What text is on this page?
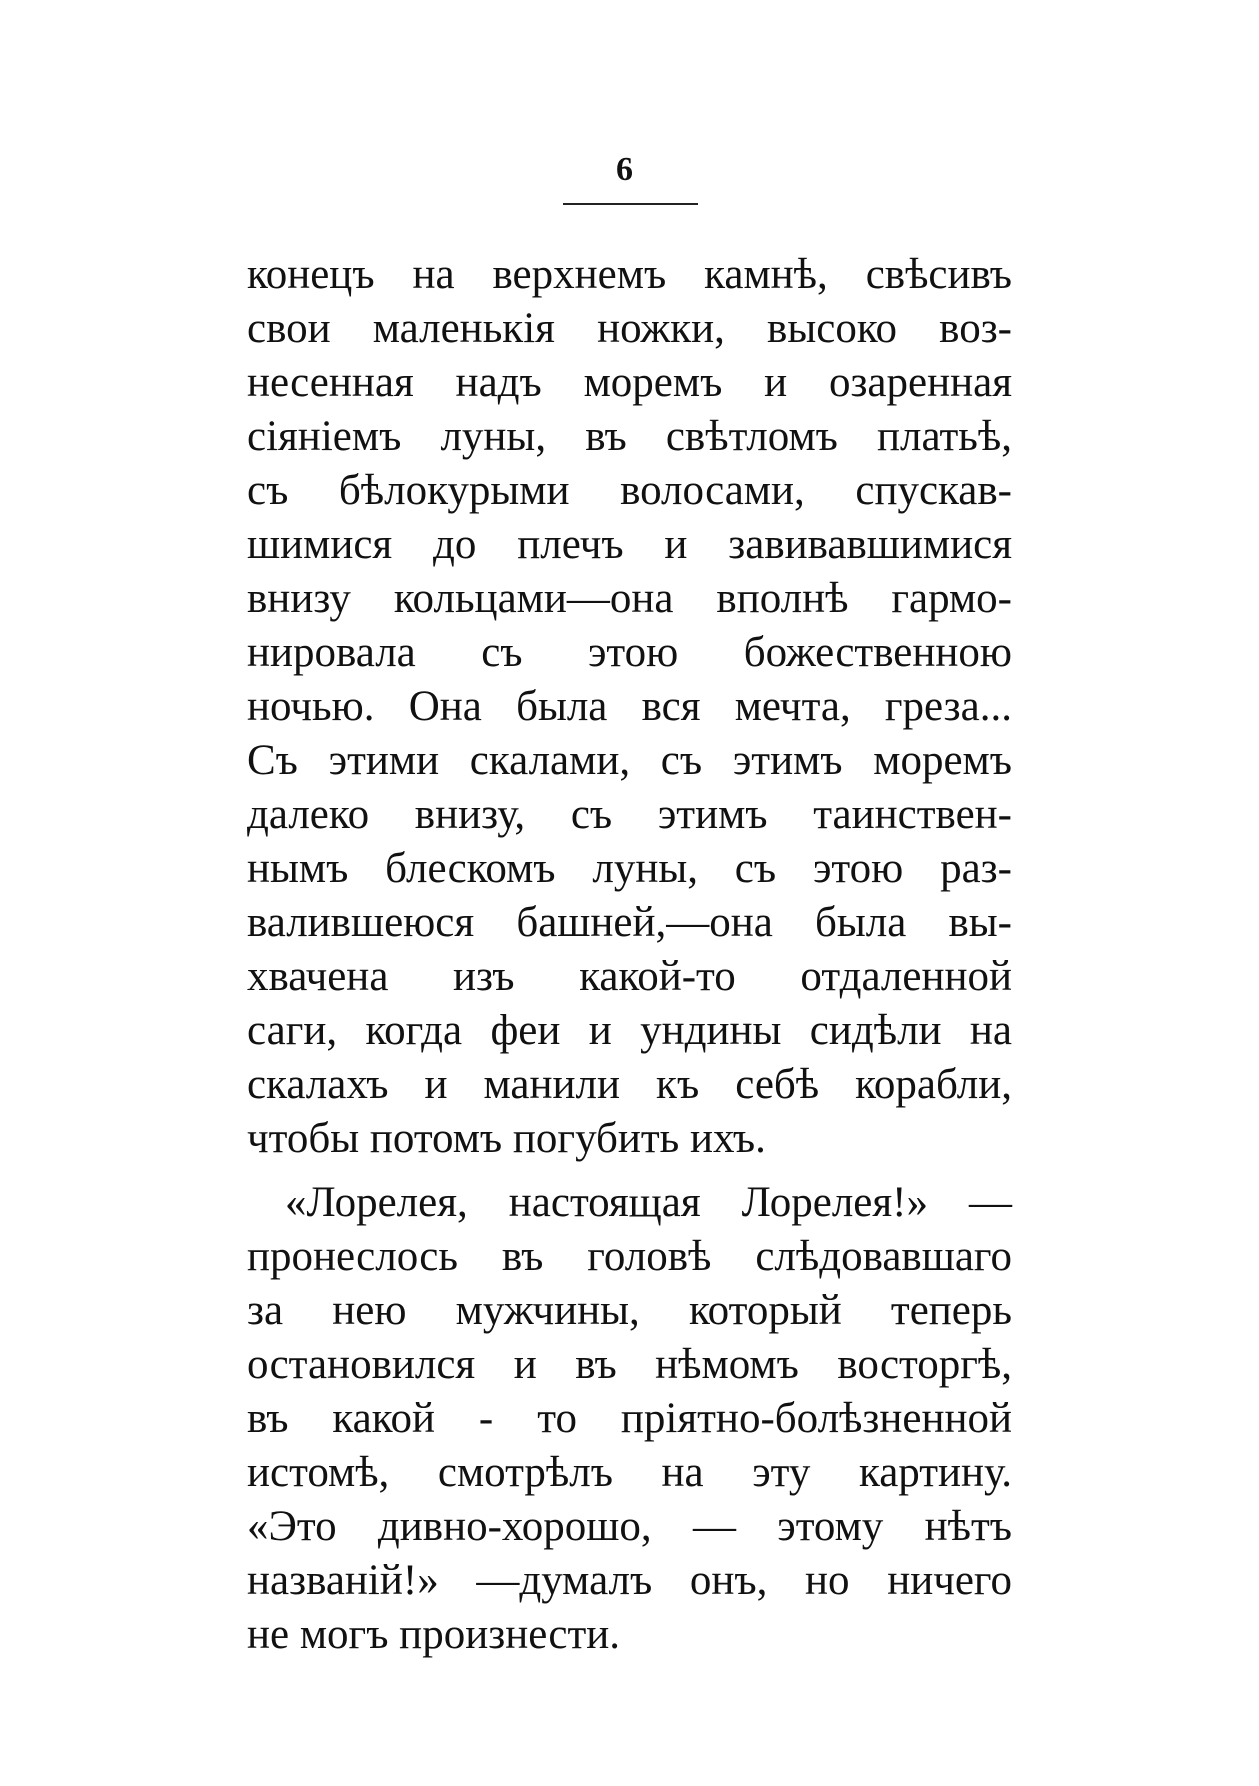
6
конецъ на верхнемъ камнѣ, свѣсивъ
свои маленькія ножки, высоко воз-
несенная надъ моремъ и озаренная
сіяніемъ луны, въ свѣтломъ платьѣ,
съ бѣлокурыми волосами, спускав-
шимися до плечъ и завивавшимися
внизу кольцами—она вполнѣ гармо-
нировала съ этою божественною
ночью. Она была вся мечта, греза...
Съ этими скалами, съ этимъ моремъ
далеко внизу, съ этимъ таинствен-
нымъ блескомъ луны, съ этою раз-
валившеюся башней,—она была вы-
хвачена изъ какой-то отдаленной
саги, когда феи и ундины сидѣли на
скалахъ и манили къ себѣ корабли,
чтобы потомъ погубить ихъ.
«Лорелея, настоящая Лорелея!» —
пронеслось въ головѣ слѣдовавшаго
за нею мужчины, который теперь
остановился и въ нѣмомъ восторгѣ,
въ какой - то пріятно-болѣзненной
истомѣ, смотрѣлъ на эту картину.
«Это дивно-хорошо, — этому нѣтъ
названій!» —думалъ онъ, но ничего
не могъ произнести.
